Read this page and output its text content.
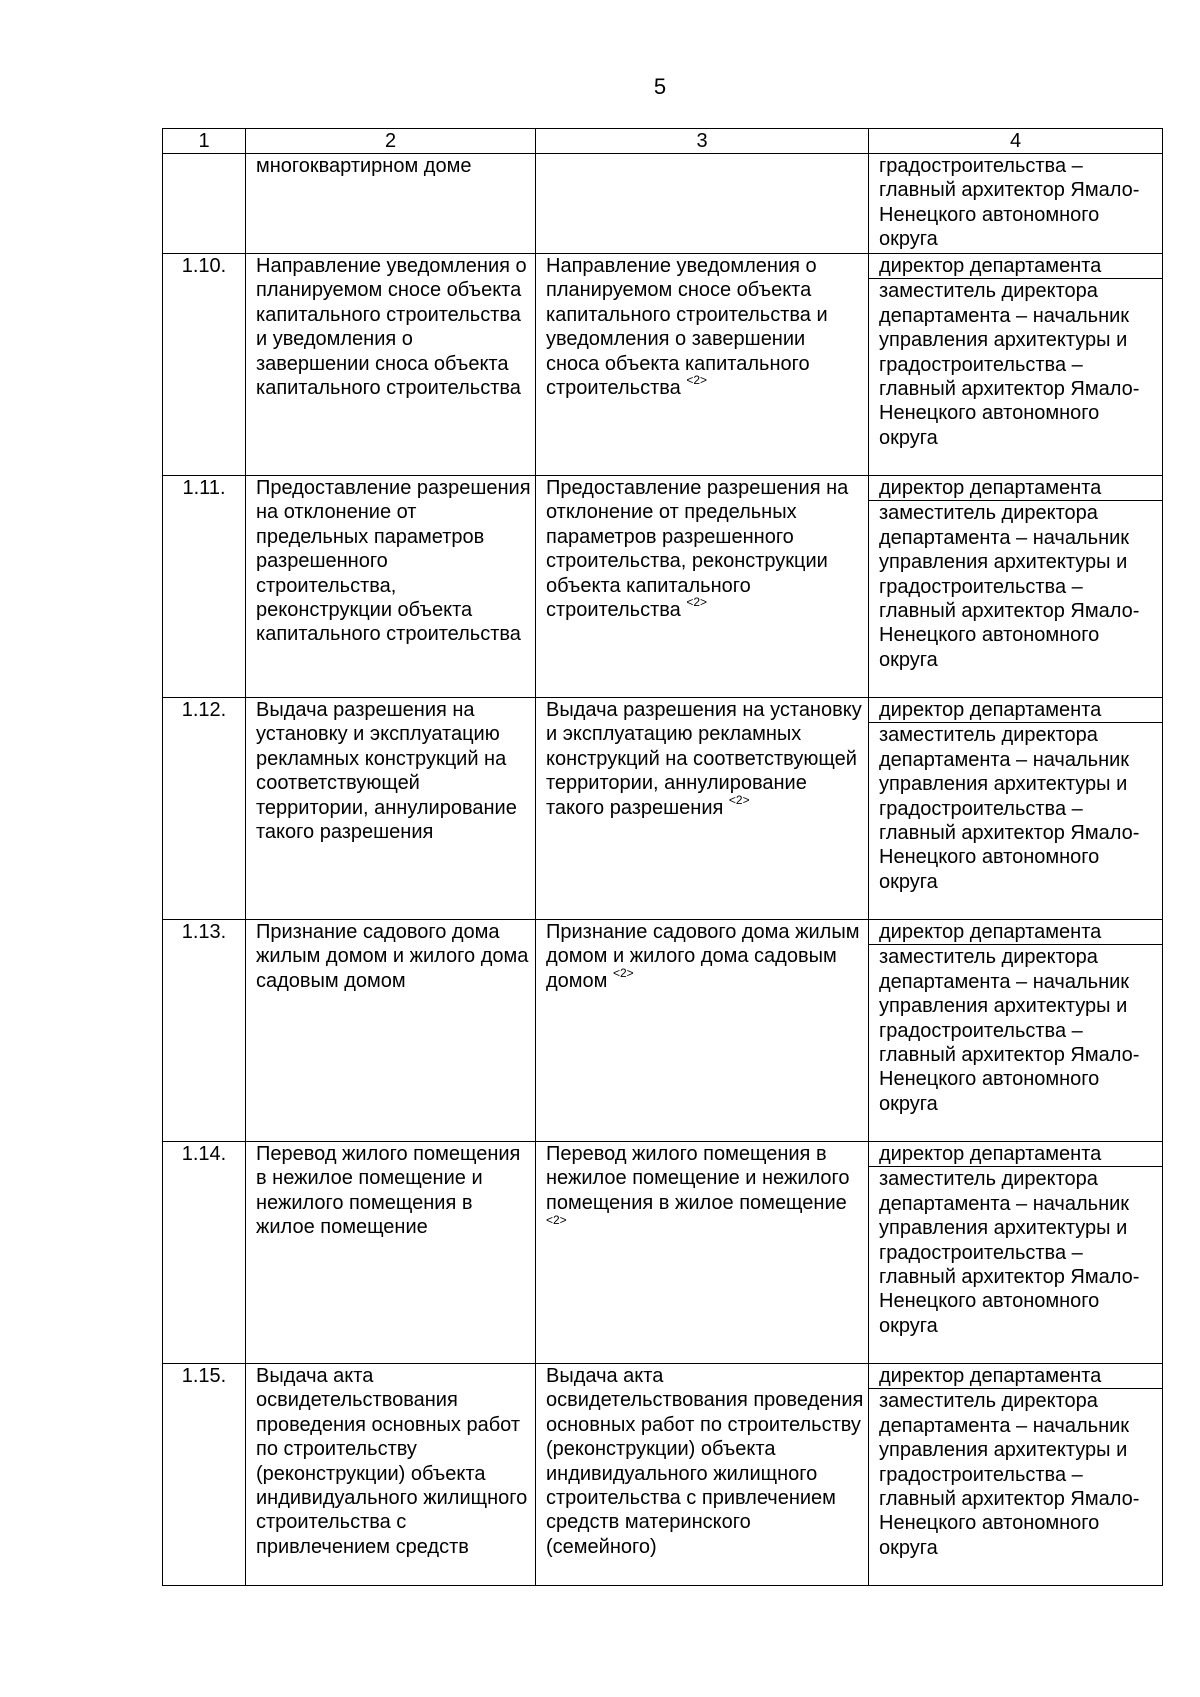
5
1	2	3	4
	многоквартирном доме		градостроительства – главный архитектор Ямало-Ненецкого автономного округа
1.10.	Направление уведомления о планируемом сносе объекта капитального строительства и уведомления о завершении сноса объекта капитального строительства	Направление уведомления о планируемом сносе объекта капитального строительства и уведомления о завершении сноса объекта капитального строительства $^{<2>}$	директор департамента
заместитель директора департамента – начальник управления архитектуры и градостроительства – главный архитектор Ямало-Ненецкого автономного округа

1.11.	Предоставление разрешения на отклонение от предельных параметров разрешенного строительства, реконструкции объекта капитального строительства	Предоставление разрешения на отклонение от предельных параметров разрешенного строительства, реконструкции объекта капитального строительства $^{<2>}$	директор департамента
заместитель директора департамента – начальник управления архитектуры и градостроительства – главный архитектор Ямало-Ненецкого автономного округа

1.12.	Выдача разрешения на установку и эксплуатацию рекламных конструкций на соответствующей территории, аннулирование такого разрешения	Выдача разрешения на установку и эксплуатацию рекламных конструкций на соответствующей территории, аннулирование такого разрешения $^{<2>}$	директор департамента
заместитель директора департамента – начальник управления архитектуры и градостроительства – главный архитектор Ямало-Ненецкого автономного округа

1.13.	Признание садового дома жилым домом и жилого дома садовым домом	Признание садового дома жилым домом и жилого дома садовым домом $^{<2>}$	директор департамента
заместитель директора департамента – начальник управления архитектуры и градостроительства – главный архитектор Ямало-Ненецкого автономного округа

1.14.	Перевод жилого помещения в нежилое помещение и нежилого помещения в жилое помещение	Перевод жилого помещения в нежилое помещение и нежилого помещения в жилое помещение $^{<2>}$	директор департамента
заместитель директора департамента – начальник управления архитектуры и градостроительства – главный архитектор Ямало-Ненецкого автономного округа

1.15.	Выдача акта освидетельствования проведения основных работ по строительству (реконструкции) объекта индивидуального жилищного строительства с привлечением средств	Выдача акта освидетельствования проведения основных работ по строительству (реконструкции) объекта индивидуального жилищного строительства с привлечением средств материнского (семейного)	директор департамента
заместитель директора департамента – начальник управления архитектуры и градостроительства – главный архитектор Ямало-Ненецкого автономного округа
